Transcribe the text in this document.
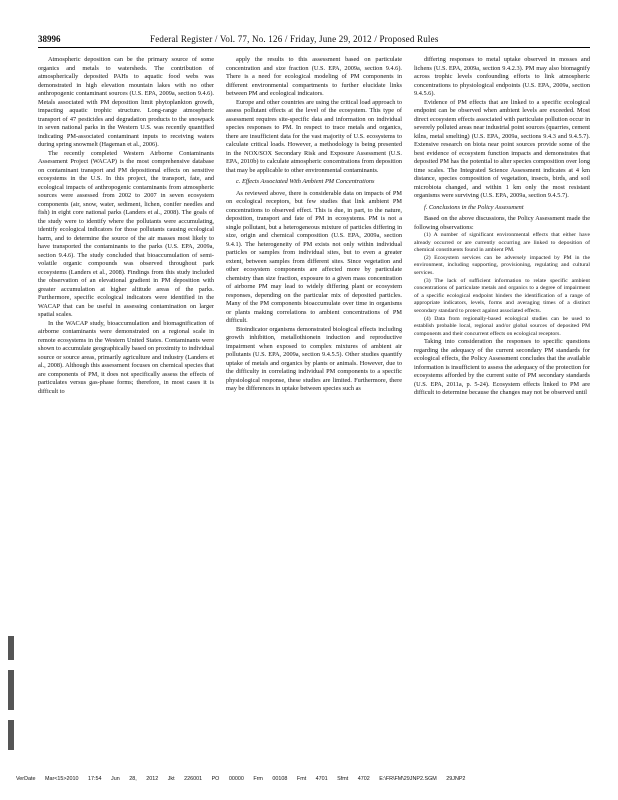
38996	Federal Register / Vol. 77, No. 126 / Friday, June 29, 2012 / Proposed Rules

Atmospheric deposition can be the primary source of some organics and metals to watersheds. The contribution of atmospherically deposited PAHs to aquatic food webs was demonstrated in high elevation mountain lakes with no other anthropogenic contaminant sources (U.S. EPA, 2009a, section 9.4.6). Metals associated with PM deposition limit phytoplankton growth, impacting aquatic trophic structure. Long-range atmospheric transport of 47 pesticides and degradation products to the snowpack in seven national parks in the Western U.S. was recently quantified indicating PM-associated contaminant inputs to receiving waters during spring snowmelt (Hageman et al., 2006).

The recently completed Western Airborne Contaminants Assessment Project (WACAP) is the most comprehensive database on contaminant transport and PM depositional effects on sensitive ecosystems in the U.S. In this project, the transport, fate, and ecological impacts of anthropogenic contaminants from atmospheric sources were assessed from 2002 to 2007 in seven ecosystem components (air, snow, water, sediment, lichen, conifer needles and fish) in eight core national parks (Landers et al., 2008). The goals of the study were to identify where the pollutants were accumulating, identify ecological indicators for those pollutants causing ecological harm, and to determine the source of the air masses most likely to have transported the contaminants to the parks (U.S. EPA, 2009a, section 9.4.6). The study concluded that bioaccumulation of semi-volatile organic compounds was observed throughout park ecosystems (Landers et al., 2008). Findings from this study included the observation of an elevational gradient in PM deposition with greater accumulation at higher altitude areas of the parks. Furthermore, specific ecological indicators were identified in the WACAP that can be useful in assessing contamination on larger spatial scales.

In the WACAP study, bioaccumulation and biomagnification of airborne contaminants were demonstrated on a regional scale in remote ecosystems in the Western United States. Contaminants were shown to accumulate geographically based on proximity to individual source or source areas, primarily agriculture and industry (Landers et al., 2008). Although this assessment focuses on chemical species that are components of PM, it does not specifically assess the effects of particulates versus gas-phase forms; therefore, in most cases it is difficult to

apply the results to this assessment based on particulate concentration and size fraction (U.S. EPA, 2009a, section 9.4.6). There is a need for ecological modeling of PM components in different environmental compartments to further elucidate links between PM and ecological indicators.

Europe and other countries are using the critical load approach to assess pollutant effects at the level of the ecosystem. This type of assessment requires site-specific data and information on individual species responses to PM. In respect to trace metals and organics, there are insufficient data for the vast majority of U.S. ecosystems to calculate critical loads. However, a methodology is being presented in the NOX/SOX Secondary Risk and Exposure Assessment (U.S. EPA, 2010b) to calculate atmospheric concentrations from deposition that may be applicable to other environmental contaminants.

c. Effects Associated With Ambient PM Concentrations

As reviewed above, there is considerable data on impacts of PM on ecological receptors, but few studies that link ambient PM concentrations to observed effect. This is due, in part, to the nature, deposition, transport and fate of PM in ecosystems. PM is not a single pollutant, but a heterogeneous mixture of particles differing in size, origin and chemical composition (U.S. EPA, 2009a, section 9.4.1). The heterogeneity of PM exists not only within individual particles or samples from individual sites, but to even a greater extent, between samples from different sites. Since vegetation and other ecosystem components are affected more by particulate chemistry than size fraction, exposure to a given mass concentration of airborne PM may lead to widely differing plant or ecosystem responses, depending on the particular mix of deposited particles. Many of the PM components bioaccumulate over time in organisms or plants making correlations to ambient concentrations of PM difficult.

Bioindicator organisms demonstrated biological effects including growth inhibition, metallothionein induction and reproductive impairment when exposed to complex mixtures of ambient air pollutants (U.S. EPA, 2009a, section 9.4.5.5). Other studies quantify uptake of metals and organics by plants or animals. However, due to the difficulty in correlating individual PM components to a specific physiological response, these studies are limited. Furthermore, there may be differences in uptake between species such as

differing responses to metal uptake observed in mosses and lichens (U.S. EPA, 2009a, section 9.4.2.3). PM may also biomagnify across trophic levels confounding efforts to link atmospheric concentrations to physiological endpoints (U.S. EPA, 2009a, section 9.4.5.6).

Evidence of PM effects that are linked to a specific ecological endpoint can be observed when ambient levels are exceeded. Most direct ecosystem effects associated with particulate pollution occur in severely polluted areas near industrial point sources (quarries, cement kilns, metal smelting) (U.S. EPA, 2009a, sections 9.4.3 and 9.4.5.7). Extensive research on biota near point sources provide some of the best evidence of ecosystem function impacts and demonstrates that deposited PM has the potential to alter species composition over long time scales. The Integrated Science Assessment indicates at 4 km distance, species composition of vegetation, insects, birds, and soil microbiota changed, and within 1 km only the most resistant organisms were surviving (U.S. EPA, 2009a, section 9.4.5.7).

f. Conclusions in the Policy Assessment

Based on the above discussions, the Policy Assessment made the following observations:

(1) A number of significant environmental effects that either have already occurred or are currently occurring are linked to deposition of chemical constituents found in ambient PM.

(2) Ecosystem services can be adversely impacted by PM in the environment, including supporting, provisioning, regulating and cultural services.

(3) The lack of sufficient information to relate specific ambient concentrations of particulate metals and organics to a degree of impairment of a specific ecological endpoint hinders the identification of a range of appropriate indicators, levels, forms and averaging times of a distinct secondary standard to protect against associated effects.

(4) Data from regionally-based ecological studies can be used to establish probable local, regional and/or global sources of deposited PM components and their concurrent effects on ecological receptors.

Taking into consideration the responses to specific questions regarding the adequacy of the current secondary PM standards for ecological effects, the Policy Assessment concludes that the available information is insufficient to assess the adequacy of the protection for ecosystems afforded by the current suite of PM secondary standards (U.S. EPA, 2011a, p. 5-24). Ecosystem effects linked to PM are difficult to determine because the changes may not be observed until

VerDate Mar<15>2010 17:54 Jun 28, 2012 Jkt 226001 PO 00000 Frm 00108 Fmt 4701 Sfmt 4702 E:\FR\FM\29JNP2.SGM 29JNP2
